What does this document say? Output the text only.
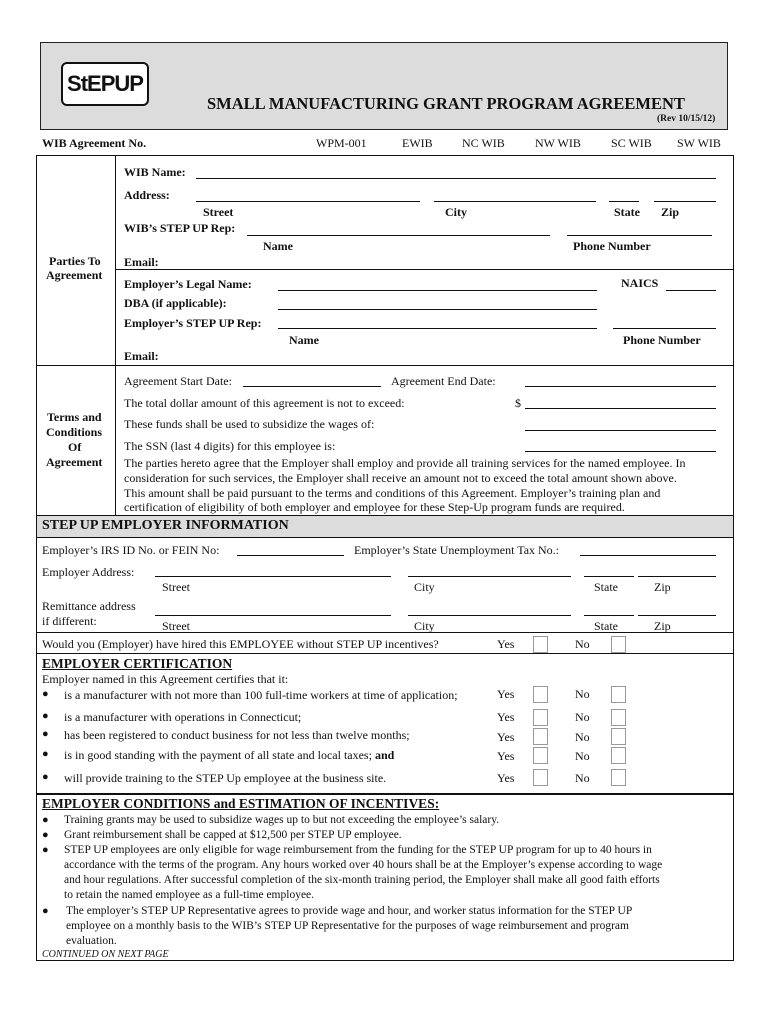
StEPUP
SMALL MANUFACTURING GRANT PROGRAM AGREEMENT
(Rev 10/15/12)
WIB Agreement No.	WPM-001	EWIB NC WIB	NW WIB	SC WIB SW WIB
Parties To
Agreement
WIB Name:
Address:
Street	City	State Zip
WIB’s STEP UP Rep:
Name	Phone Number
Email:
Employer’s Legal Name:	NAICS
DBA (if applicable):
Employer’s STEP UP Rep:
Name	Phone Number
Email:
Terms and
Conditions
Of
Agreement
Agreement Start Date:	Agreement End Date:
The total dollar amount of this agreement is not to exceed:	$
These funds shall be used to subsidize the wages of:
The SSN (last 4 digits) for this employee is:
The parties hereto agree that the Employer shall employ and provide all training services for the named employee. In
consideration for such services, the Employer shall receive an amount not to exceed the total amount shown above.
This amount shall be paid pursuant to the terms and conditions of this Agreement. Employer’s training plan and
certification of eligibility of both employer and employee for these Step-Up program funds are required.
STEP UP EMPLOYER INFORMATION
Employer’s IRS ID No. or FEIN No:	Employer’s State Unemployment Tax No.:
Employer Address:
Street	City	State	Zip
Remittance address
if different:	Street	City	State	Zip
Would you (Employer) have hired this EMPLOYEE without STEP UP incentives?	Yes	No
EMPLOYER CERTIFICATION
Employer named in this Agreement certifies that it:
● is a manufacturer with not more than 100 full-time workers at time of application;	Yes	No
● is a manufacturer with operations in Connecticut;	Yes	No
● has been registered to conduct business for not less than twelve months;	Yes	No
● is in good standing with the payment of all state and local taxes; and	Yes	No
● will provide training to the STEP Up employee at the business site.	Yes	No
EMPLOYER CONDITIONS and ESTIMATION OF INCENTIVES:
● Training grants may be used to subsidize wages up to but not exceeding the employee’s salary.
● Grant reimbursement shall be capped at $12,500 per STEP UP employee.
● STEP UP employees are only eligible for wage reimbursement from the funding for the STEP UP program for up to 40 hours in
accordance with the terms of the program. Any hours worked over 40 hours shall be at the Employer’s expense according to wage
and hour regulations. After successful completion of the six-month training period, the Employer shall make all good faith efforts
to retain the named employee as a full-time employee.
● The employer’s STEP UP Representative agrees to provide wage and hour, and worker status information for the STEP UP
employee on a monthly basis to the WIB’s STEP UP Representative for the purposes of wage reimbursement and program
evaluation.
CONTINUED ON NEXT PAGE
